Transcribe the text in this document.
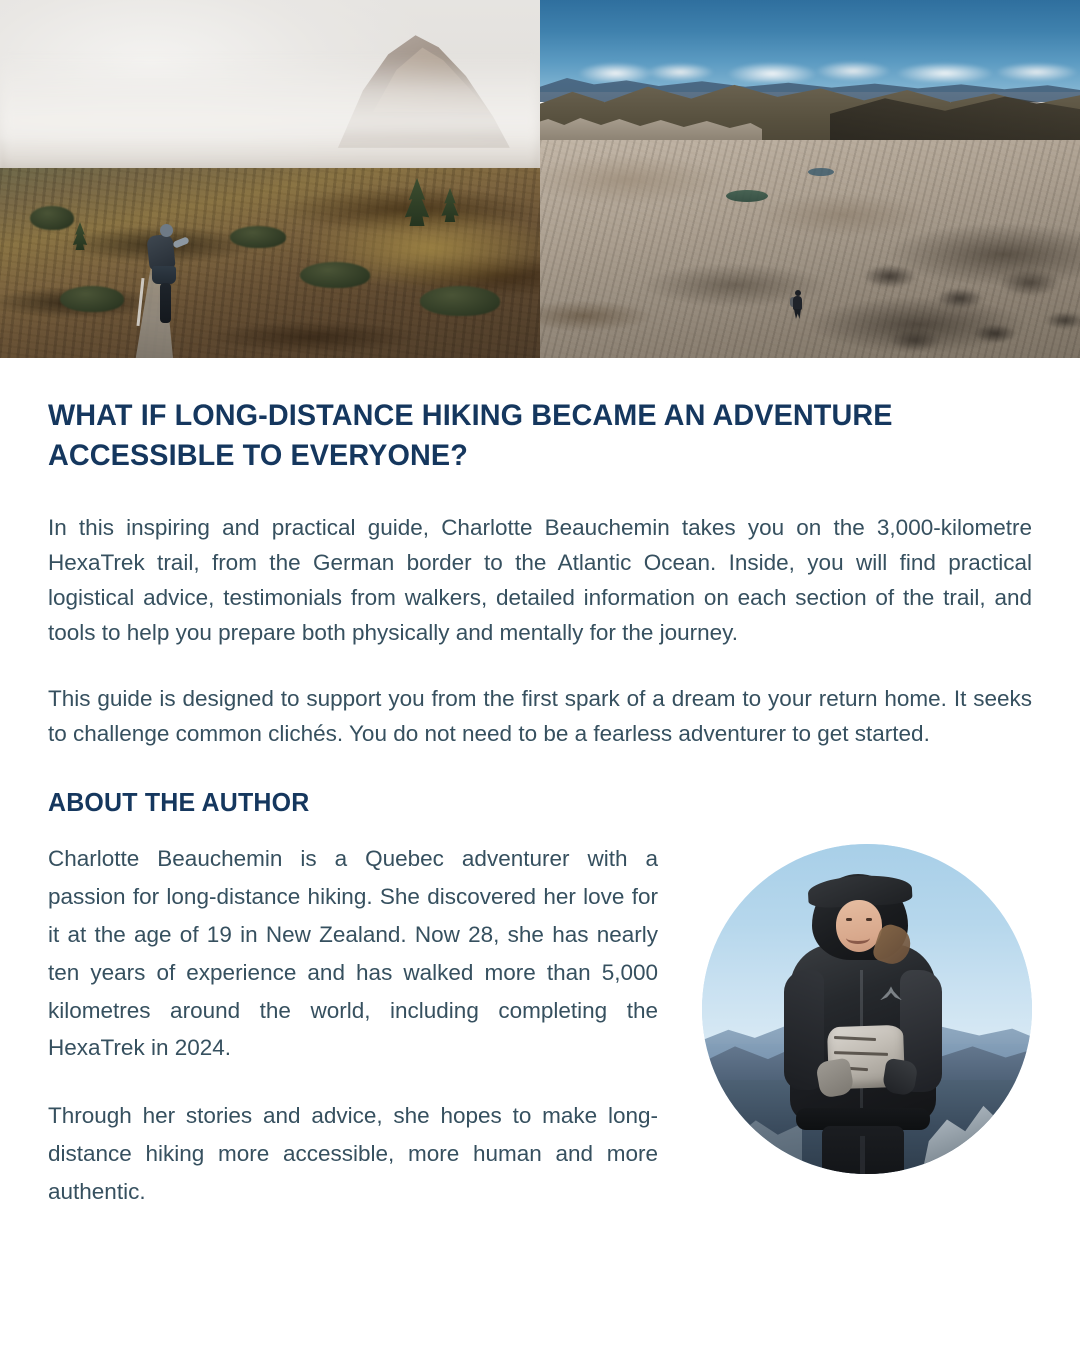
WHAT IF LONG-DISTANCE HIKING BECAME AN ADVENTURE ACCESSIBLE TO EVERYONE?

In this inspiring and practical guide, Charlotte Beauchemin takes you on the 3,000-kilometre HexaTrek trail, from the German border to the Atlantic Ocean. Inside, you will find practical logistical advice, testimonials from walkers, detailed information on each section of the trail, and tools to help you prepare both physically and mentally for the journey.

This guide is designed to support you from the first spark of a dream to your return home. It seeks to challenge common clichés. You do not need to be a fearless adventurer to get started.

ABOUT THE AUTHOR

Charlotte Beauchemin is a Quebec adventurer with a passion for long-distance hiking. She discovered her love for it at the age of 19 in New Zealand. Now 28, she has nearly ten years of experience and has walked more than 5,000 kilometres around the world, including completing the HexaTrek in 2024.

Through her stories and advice, she hopes to make long-distance hiking more accessible, more human and more authentic.
